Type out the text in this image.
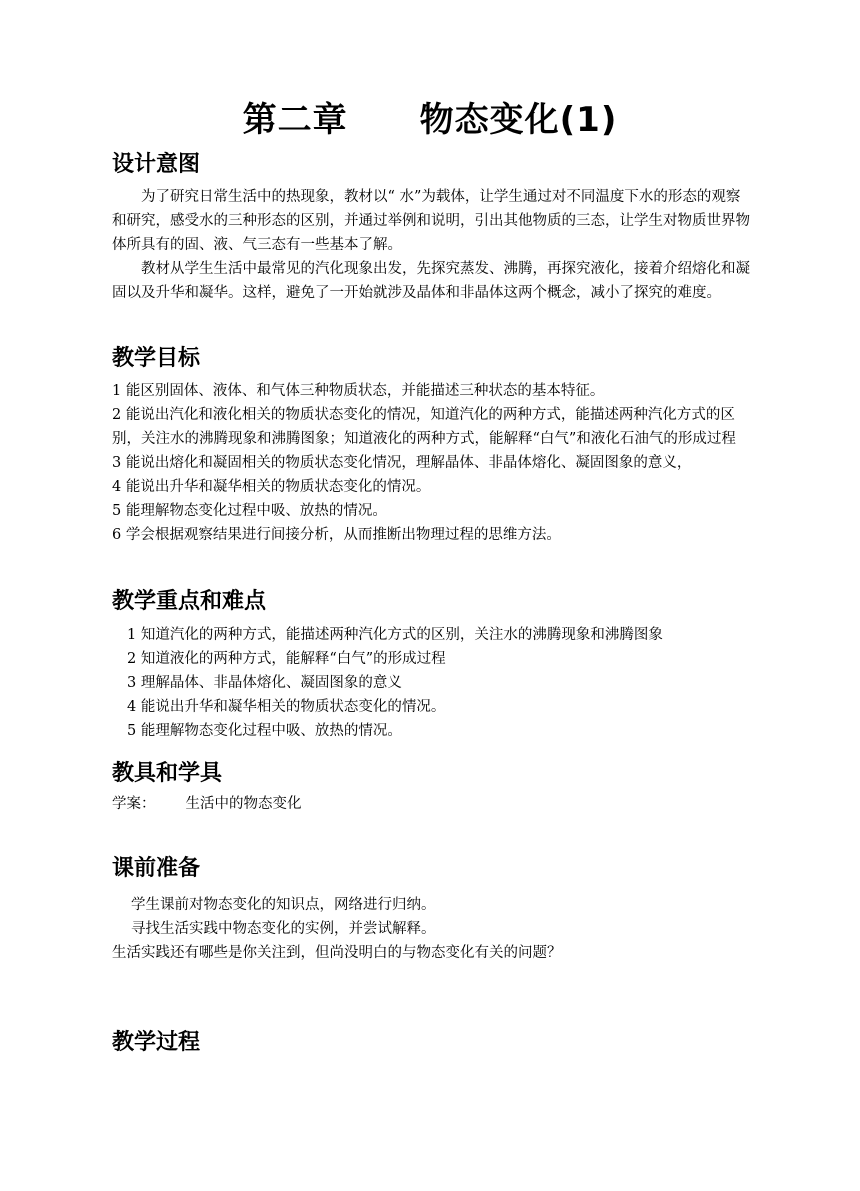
第二章 物态变化(1)
设计意图
为了研究日常生活中的热现象，教材以“ 水”为载体，让学生通过对不同温度下水的形态的观察和研究，感受水的三种形态的区别，并通过举例和说明，引出其他物质的三态，让学生对物质世界物体所具有的固、液、气三态有一些基本了解。
教材从学生生活中最常见的汽化现象出发，先探究蒸发、沸腾，再探究液化，接着介绍熔化和凝固以及升华和凝华。这样，避免了一开始就涉及晶体和非晶体这两个概念，减小了探究的难度。
教学目标
1 能区别固体、液体、和气体三种物质状态，并能描述三种状态的基本特征。
2 能说出汽化和液化相关的物质状态变化的情况，知道汽化的两种方式，能描述两种汽化方式的区别，关注水的沸腾现象和沸腾图象；知道液化的两种方式，能解释“白气”和液化石油气的形成过程
3 能说出熔化和凝固相关的物质状态变化情况，理解晶体、非晶体熔化、凝固图象的意义，
4 能说出升华和凝华相关的物质状态变化的情况。
5 能理解物态变化过程中吸、放热的情况。
6 学会根据观察结果进行间接分析，从而推断出物理过程的思维方法。
教学重点和难点
1 知道汽化的两种方式，能描述两种汽化方式的区别，关注水的沸腾现象和沸腾图象
2 知道液化的两种方式，能解释“白气”的形成过程
3 理解晶体、非晶体熔化、凝固图象的意义
4 能说出升华和凝华相关的物质状态变化的情况。
5 能理解物态变化过程中吸、放热的情况。
教具和学具
学案： 生活中的物态变化
课前准备
学生课前对物态变化的知识点，网络进行归纳。
寻找生活实践中物态变化的实例，并尝试解释。
生活实践还有哪些是你关注到，但尚没明白的与物态变化有关的问题？
教学过程
